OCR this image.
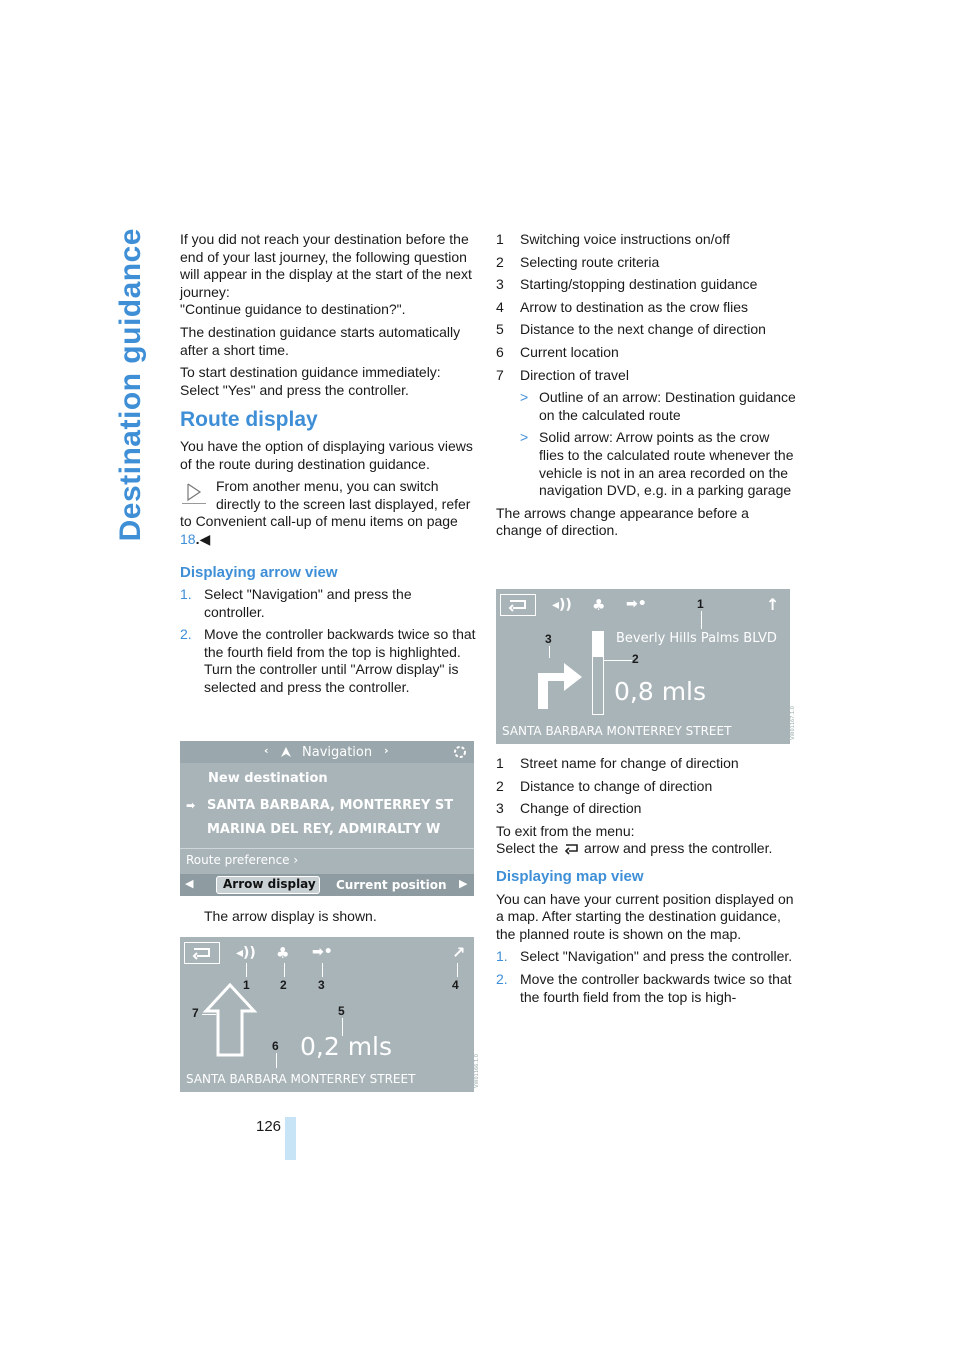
Destination guidance If you did not reach your destination before the end of your last journey, the following question will appear in the display at the start of the next journey:
"Continue guidance to destination?".

The destination guidance starts automatically after a short time.

To start destination guidance immediately:
Select "Yes" and press the controller.

Route display

You have the option of displaying various views of the route during destination guidance.

From another menu, you can switch directly to the screen last displayed, refer
to Convenient call-up of menu items on page 18.◀
Displaying arrow view
1. Select "Navigation" and press the controller.
2. Move the controller backwards twice so that the fourth field from the top is highlighted. Turn the controller until "Arrow display" is selected and press the controller.
‹	Navigation ›
New destination
➡ SANTA BARBARA, MONTERREY ST
MARINA DEL REY, ADMIRALTY W
Route preference ›
◀ Arrow display Current position ▶
The arrow display is shown.
◂)) ♣ ➡•	↗
1	2	3	4
7	5
0,2 mls
6
SANTA BARBARA MONTERREY STREET	VW01166.1.0
1 Switching voice instructions on/off
2 Selecting route criteria
3 Starting/stopping destination guidance
4 Arrow to destination as the crow flies
5 Distance to the next change of direction
6 Current location
7 Direction of travel
> Outline of an arrow: Destination guidance on the calculated route
> Solid arrow: Arrow points as the crow flies to the calculated route whenever the vehicle is not in an area recorded on the navigation DVD, e.g. in a parking garage

The arrows change appearance before a change of direction.

◂)) ♣ ➡•	↑
1
3
2
Beverly Hills Palms BLVD
0,8 mls
SANTA BARBARA MONTERREY STREET	VW01167.1.0
1 Street name for change of direction
2 Distance to change of direction
3 Change of direction

To exit from the menu:
Select the arrow and press the controller.

Displaying map view

You can have your current position displayed on a map. After starting the destination guidance, the planned route is shown on the map.

1. Select "Navigation" and press the controller.
2. Move the controller backwards twice so that the fourth field from the top is high-
126
